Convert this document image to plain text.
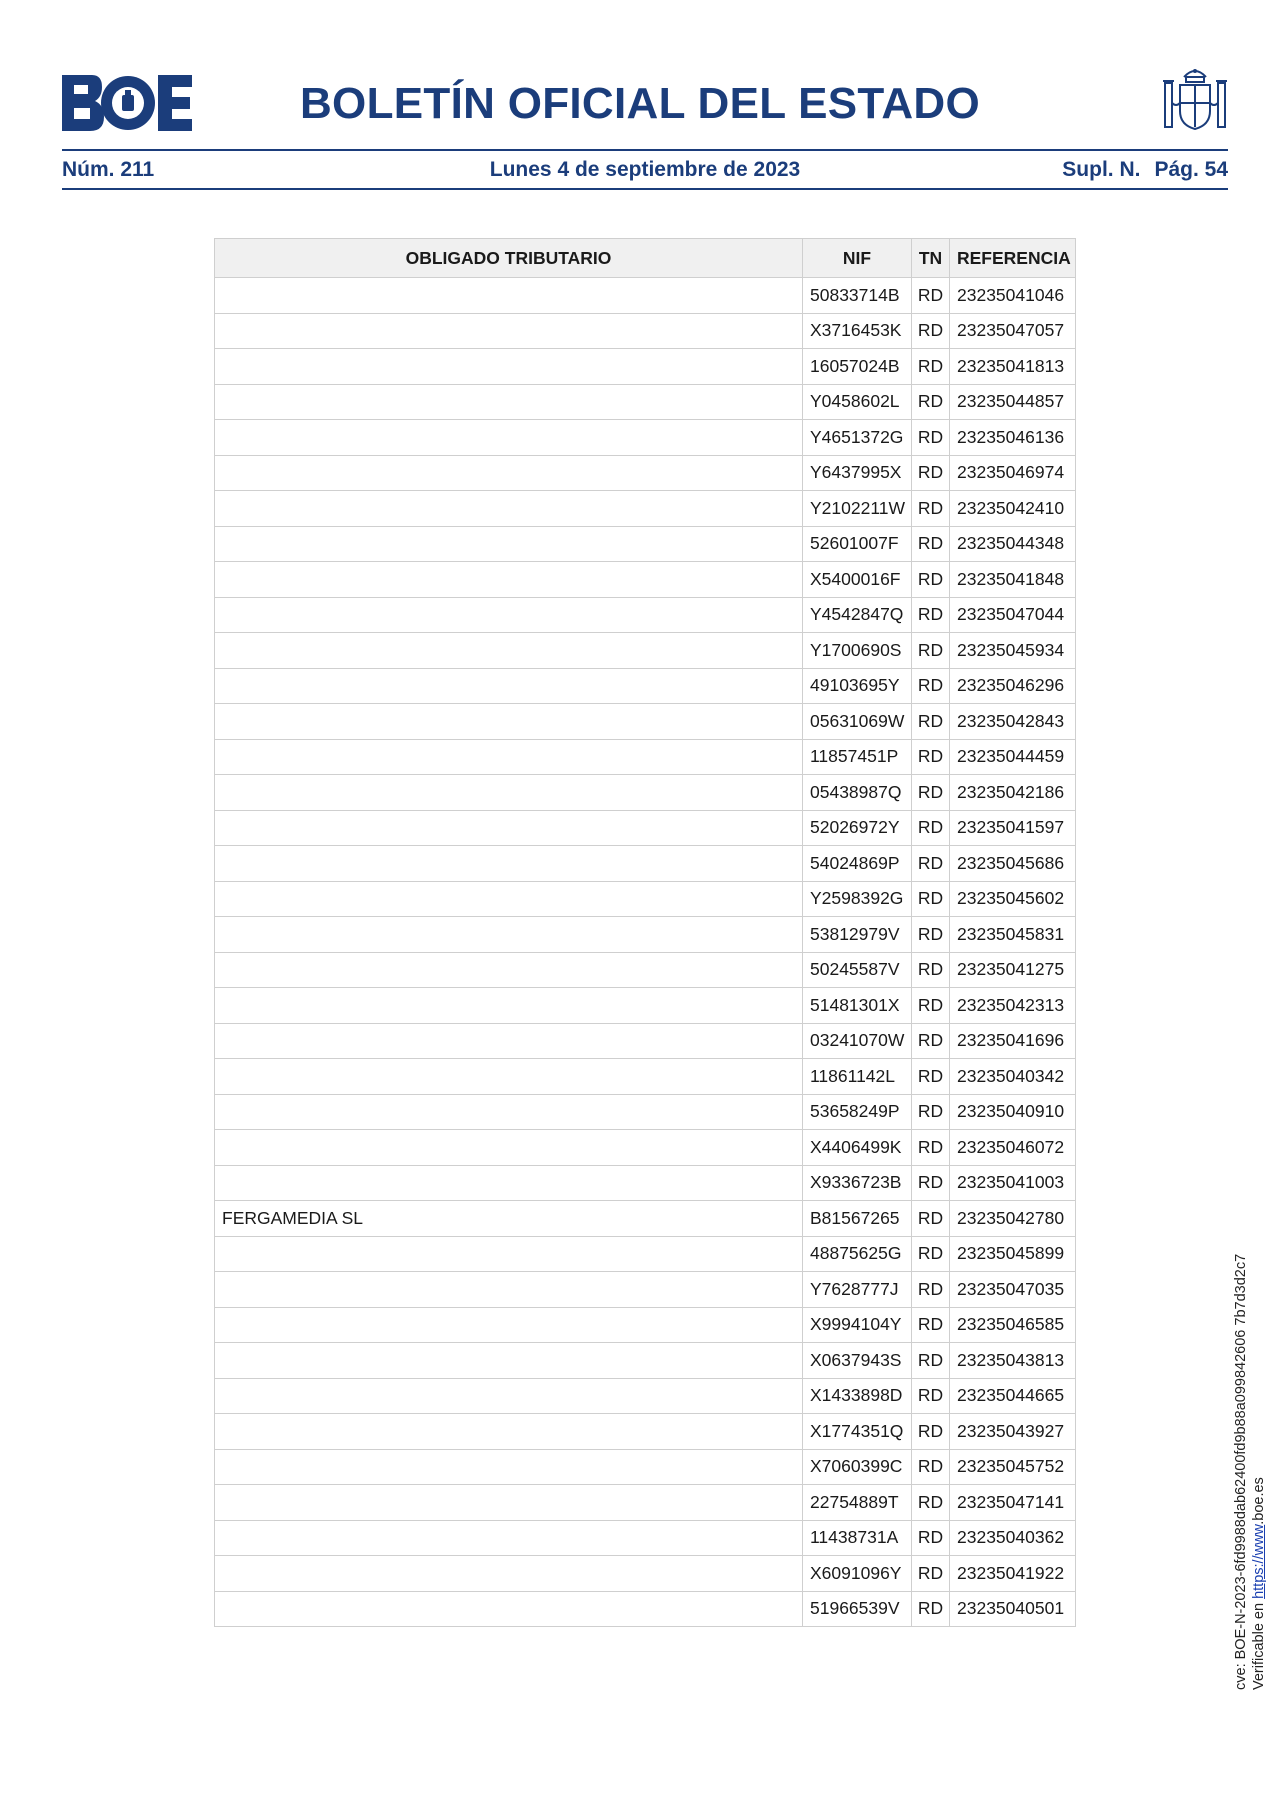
BOLETÍN OFICIAL DEL ESTADO
Núm. 211	Lunes 4 de septiembre de 2023	Supl. N. Pág. 54
OBLIGADO TRIBUTARIO	NIF	TN	REFERENCIA
	50833714B	RD	23235041046
	X3716453K	RD	23235047057
	16057024B	RD	23235041813
	Y0458602L	RD	23235044857
	Y4651372G	RD	23235046136
	Y6437995X	RD	23235046974
	Y2102211W	RD	23235042410
	52601007F	RD	23235044348
	X5400016F	RD	23235041848
	Y4542847Q	RD	23235047044
	Y1700690S	RD	23235045934
	49103695Y	RD	23235046296
	05631069W	RD	23235042843
	11857451P	RD	23235044459
	05438987Q	RD	23235042186
	52026972Y	RD	23235041597
	54024869P	RD	23235045686
	Y2598392G	RD	23235045602
	53812979V	RD	23235045831
	50245587V	RD	23235041275
	51481301X	RD	23235042313
	03241070W	RD	23235041696
	11861142L	RD	23235040342
	53658249P	RD	23235040910
	X4406499K	RD	23235046072
	X9336723B	RD	23235041003
FERGAMEDIA SL	B81567265	RD	23235042780
	48875625G	RD	23235045899
	Y7628777J	RD	23235047035
	X9994104Y	RD	23235046585
	X0637943S	RD	23235043813
	X1433898D	RD	23235044665
	X1774351Q	RD	23235043927
	X7060399C	RD	23235045752
	22754889T	RD	23235047141
	11438731A	RD	23235040362
	X6091096Y	RD	23235041922
	51966539V	RD	23235040501	cve: BOE-N-2023-6fd9988dab62400fd9b88a099842606 7b7d3d2c7 Verificable en https://www.boe.es
